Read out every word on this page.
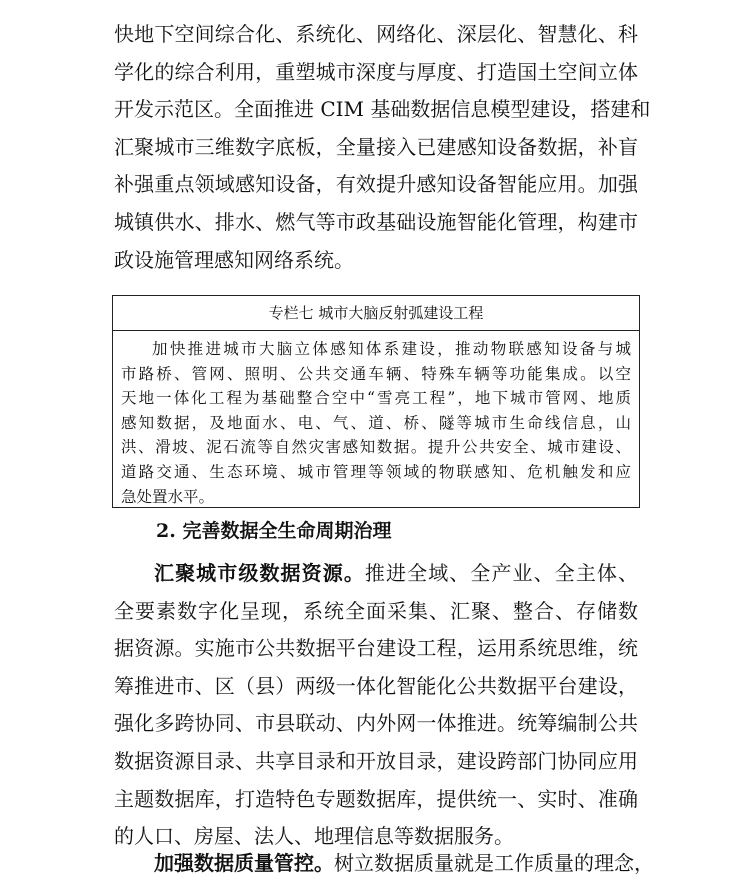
快地下空间综合化、系统化、网络化、深层化、智慧化、科
学化的综合利用，重塑城市深度与厚度、打造国土空间立体
开发示范区。全面推进 CIM 基础数据信息模型建设，搭建和
汇聚城市三维数字底板，全量接入已建感知设备数据，补盲
补强重点领域感知设备，有效提升感知设备智能应用。加强
城镇供水、排水、燃气等市政基础设施智能化管理，构建市
政设施管理感知网络系统。
专栏七 城市大脑反射弧建设工程
加快推进城市大脑立体感知体系建设，推动物联感知设备与城
市路桥、管网、照明、公共交通车辆、特殊车辆等功能集成。以空
天地一体化工程为基础整合空中“雪亮工程”，地下城市管网、地质
感知数据，及地面水、电、气、道、桥、隧等城市生命线信息，山
洪、滑坡、泥石流等自然灾害感知数据。提升公共安全、城市建设、
道路交通、生态环境、城市管理等领域的物联感知、危机触发和应
急处置水平。
2. 完善数据全生命周期治理
汇聚城市级数据资源。推进全域、全产业、全主体、
全要素数字化呈现，系统全面采集、汇聚、整合、存储数
据资源。实施市公共数据平台建设工程，运用系统思维，统
筹推进市、区（县）两级一体化智能化公共数据平台建设，
强化多跨协同、市县联动、内外网一体推进。统筹编制公共
数据资源目录、共享目录和开放目录，建设跨部门协同应用
主题数据库，打造特色专题数据库，提供统一、实时、准确
的人口、房屋、法人、地理信息等数据服务。
加强数据质量管控。树立数据质量就是工作质量的理念，
